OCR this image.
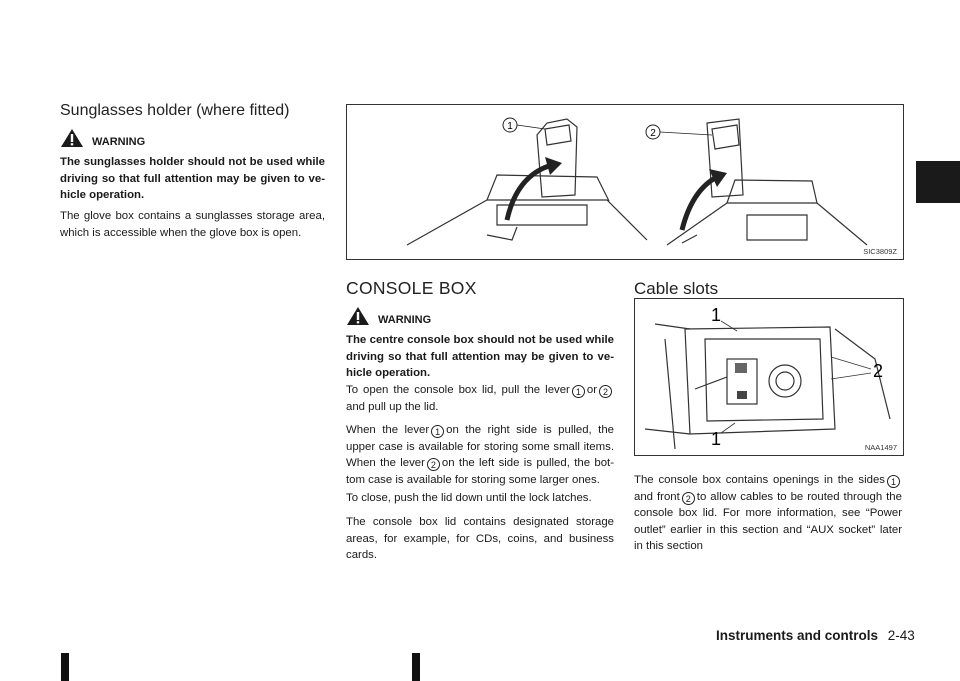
Sunglasses holder (where fitted)
WARNING

The sunglasses holder should not be used while driving so that full attention may be given to ve-hicle operation.

The glove box contains a sunglasses storage area, which is accessible when the glove box is open.

1
2
SIC3809Z
CONSOLE BOX
WARNING

The centre console box should not be used while driving so that full attention may be given to ve-hicle operation.

To open the console box lid, pull the lever 1 or 2 and pull up the lid.

When the lever 1 on the right side is pulled, the upper case is available for storing some small items. When the lever 2 on the left side is pulled, the bot-tom case is available for storing some larger ones.

To close, push the lid down until the lock latches.

The console box lid contains designated storage areas, for example, for CDs, coins, and business cards.

Cable slots
1
1
2
NAA1497

The console box contains openings in the sides 1 and front 2 to allow cables to be routed through the console box lid. For more information, see “Power outlet” earlier in this section and “AUX socket” later in this section

Instruments and controls 2-43
